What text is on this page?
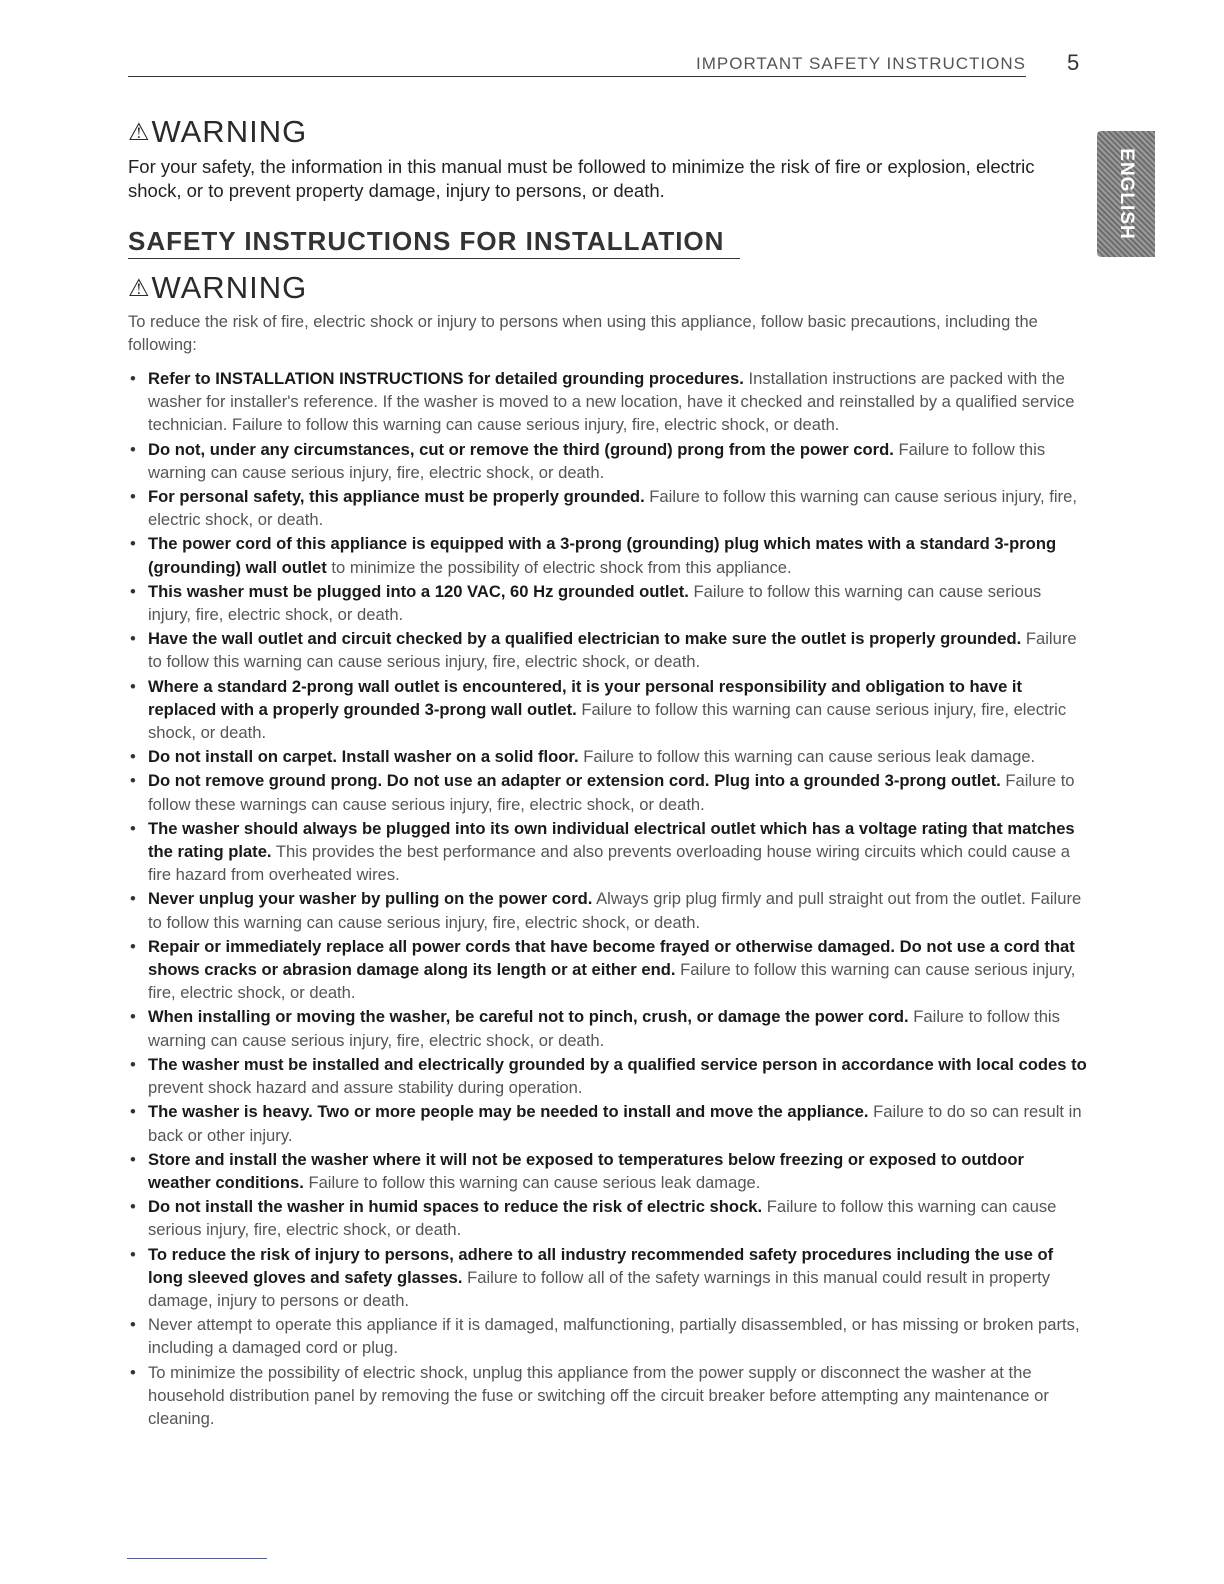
IMPORTANT SAFETY INSTRUCTIONS 5
ENGLISH
⚠ WARNING
For your safety, the information in this manual must be followed to minimize the risk of fire or explosion, electric shock, or to prevent property damage, injury to persons, or death.
SAFETY INSTRUCTIONS FOR INSTALLATION
⚠ WARNING
To reduce the risk of fire, electric shock or injury to persons when using this appliance, follow basic precautions, including the following:
• Refer to INSTALLATION INSTRUCTIONS for detailed grounding procedures. Installation instructions are packed with the washer for installer's reference. If the washer is moved to a new location, have it checked and reinstalled by a qualified service technician. Failure to follow this warning can cause serious injury, fire, electric shock, or death.
• Do not, under any circumstances, cut or remove the third (ground) prong from the power cord. Failure to follow this warning can cause serious injury, fire, electric shock, or death.
• For personal safety, this appliance must be properly grounded. Failure to follow this warning can cause serious injury, fire, electric shock, or death.
• The power cord of this appliance is equipped with a 3-prong (grounding) plug which mates with a standard 3-prong (grounding) wall outlet to minimize the possibility of electric shock from this appliance.
• This washer must be plugged into a 120 VAC, 60 Hz grounded outlet. Failure to follow this warning can cause serious injury, fire, electric shock, or death.
• Have the wall outlet and circuit checked by a qualified electrician to make sure the outlet is properly grounded. Failure to follow this warning can cause serious injury, fire, electric shock, or death.
• Where a standard 2-prong wall outlet is encountered, it is your personal responsibility and obligation to have it replaced with a properly grounded 3-prong wall outlet. Failure to follow this warning can cause serious injury, fire, electric shock, or death.
• Do not install on carpet. Install washer on a solid floor. Failure to follow this warning can cause serious leak damage.
• Do not remove ground prong. Do not use an adapter or extension cord. Plug into a grounded 3-prong outlet. Failure to follow these warnings can cause serious injury, fire, electric shock, or death.
• The washer should always be plugged into its own individual electrical outlet which has a voltage rating that matches the rating plate. This provides the best performance and also prevents overloading house wiring circuits which could cause a fire hazard from overheated wires.
• Never unplug your washer by pulling on the power cord. Always grip plug firmly and pull straight out from the outlet. Failure to follow this warning can cause serious injury, fire, electric shock, or death.
• Repair or immediately replace all power cords that have become frayed or otherwise damaged. Do not use a cord that shows cracks or abrasion damage along its length or at either end. Failure to follow this warning can cause serious injury, fire, electric shock, or death.
• When installing or moving the washer, be careful not to pinch, crush, or damage the power cord. Failure to follow this warning can cause serious injury, fire, electric shock, or death.
• The washer must be installed and electrically grounded by a qualified service person in accordance with local codes to prevent shock hazard and assure stability during operation.
• The washer is heavy. Two or more people may be needed to install and move the appliance. Failure to do so can result in back or other injury.
• Store and install the washer where it will not be exposed to temperatures below freezing or exposed to outdoor weather conditions. Failure to follow this warning can cause serious leak damage.
• Do not install the washer in humid spaces to reduce the risk of electric shock. Failure to follow this warning can cause serious injury, fire, electric shock, or death.
• To reduce the risk of injury to persons, adhere to all industry recommended safety procedures including the use of long sleeved gloves and safety glasses. Failure to follow all of the safety warnings in this manual could result in property damage, injury to persons or death.
• Never attempt to operate this appliance if it is damaged, malfunctioning, partially disassembled, or has missing or broken parts, including a damaged cord or plug.
• To minimize the possibility of electric shock, unplug this appliance from the power supply or disconnect the washer at the household distribution panel by removing the fuse or switching off the circuit breaker before attempting any maintenance or cleaning.
